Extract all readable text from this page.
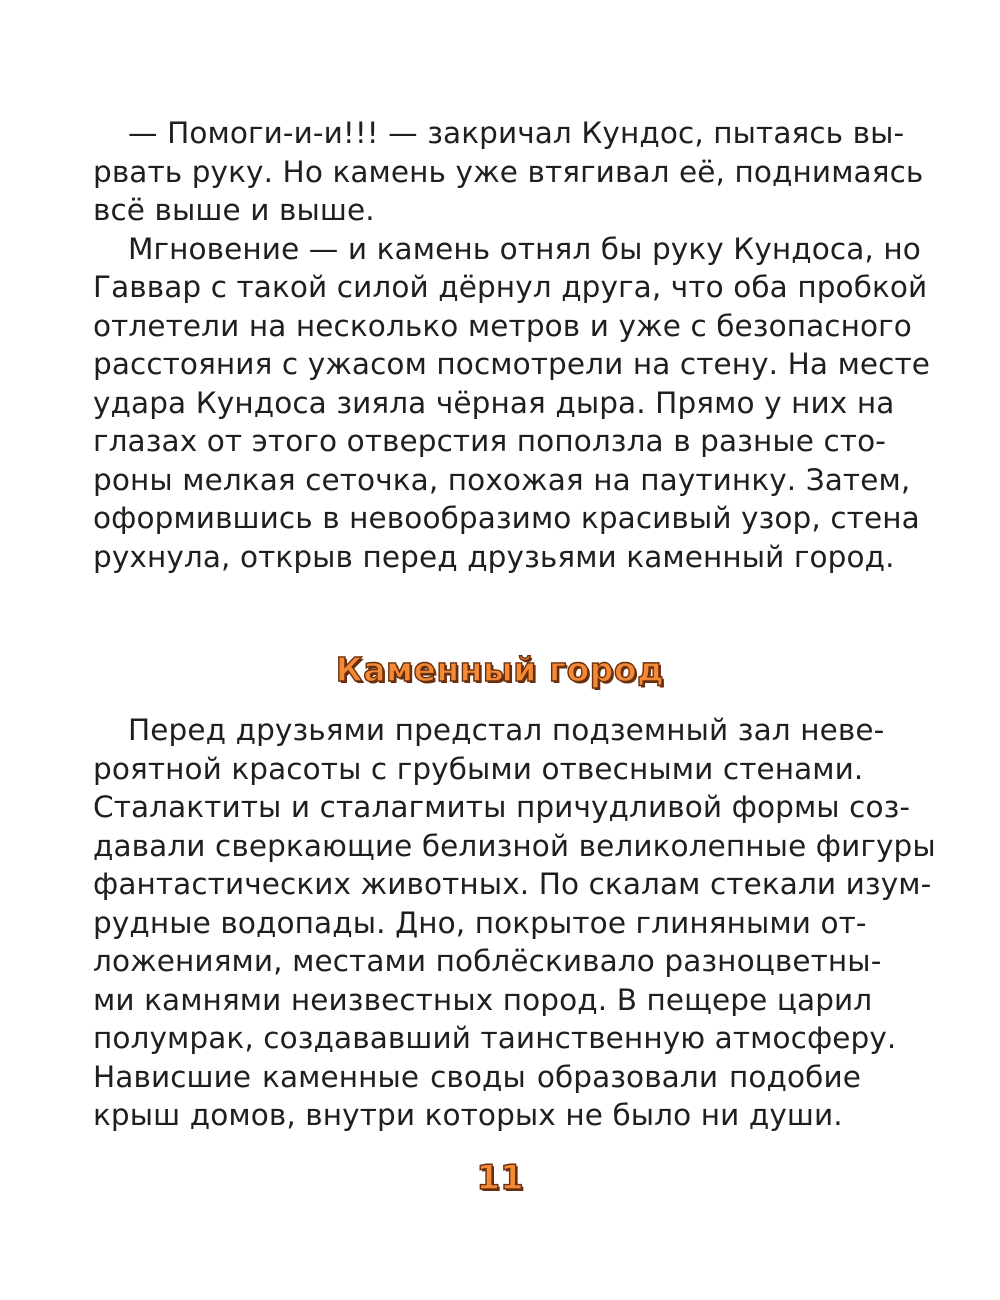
— Помоги-и-и!!! — закричал Кундос, пытаясь вы-
рвать руку. Но камень уже втягивал её, поднимаясь
всё выше и выше.
Мгновение — и камень отнял бы руку Кундоса, но
Гаввар с такой силой дёрнул друга, что оба пробкой
отлетели на несколько метров и уже с безопасного
расстояния с ужасом посмотрели на стену. На месте
удара Кундоса зияла чёрная дыра. Прямо у них на
глазах от этого отверстия поползла в разные сто-
роны мелкая сеточка, похожая на паутинку. Затем,
оформившись в невообразимо красивый узор, стена
рухнула, открыв перед друзьями каменный город.
Каменный город
Перед друзьями предстал подземный зал неве-
роятной красоты с грубыми отвесными стенами.
Сталактиты и сталагмиты причудливой формы соз-
давали сверкающие белизной великолепные фигуры
фантастических животных. По скалам стекали изум-
рудные водопады. Дно, покрытое глиняными от-
ложениями, местами поблёскивало разноцветны-
ми камнями неизвестных пород. В пещере царил
полумрак, создававший таинственную атмосферу.
Нависшие каменные своды образовали подобие
крыш домов, внутри которых не было ни души.
11
